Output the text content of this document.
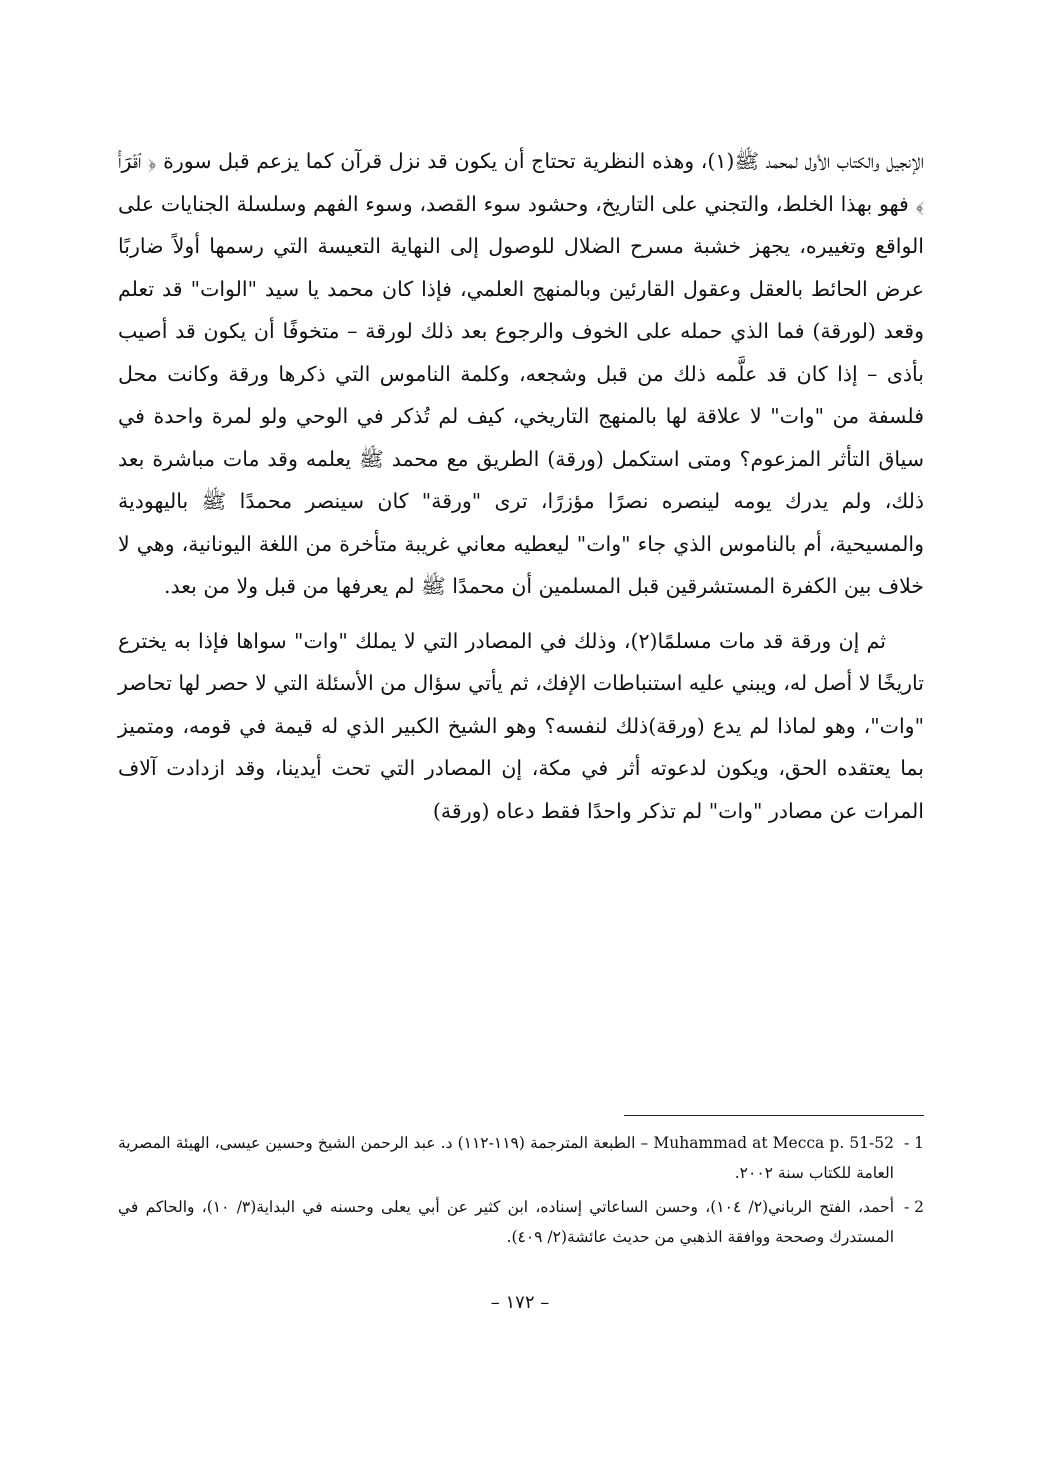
الإنجيل والكتاب الأول لمحمد ﷺ(١)، وهذه النظرية تحتاج أن يكون قد نزل قرآن كما يزعم قبل سورة ﴿ ٱقۡرَأۡ ﴾ فهو بهذا الخلط، والتجني على التاريخ، وحشود سوء القصد، وسوء الفهم وسلسلة الجنايات على الواقع وتغييره، يجهز خشبة مسرح الضلال للوصول إلى النهاية التعيسة التي رسمها أولاً ضاربًا عرض الحائط بالعقل وعقول القارئين وبالمنهج العلمي، فإذا كان محمد يا سيد "الوات" قد تعلم وقعد (لورقة) فما الذي حمله على الخوف والرجوع بعد ذلك لورقة – متخوفًا أن يكون قد أصيب بأذى – إذا كان قد علَّمه ذلك من قبل وشجعه، وكلمة الناموس التي ذكرها ورقة وكانت محل فلسفة من "وات" لا علاقة لها بالمنهج التاريخي، كيف لم تُذكر في الوحي ولو لمرة واحدة في سياق التأثر المزعوم؟ ومتى استكمل (ورقة) الطريق مع محمد ﷺ يعلمه وقد مات مباشرة بعد ذلك، ولم يدرك يومه لينصره نصرًا مؤزرًا، ترى "ورقة" كان سينصر محمدًا ﷺ باليهودية والمسيحية، أم بالناموس الذي جاء "وات" ليعطيه معاني غريبة متأخرة من اللغة اليونانية، وهي لا خلاف بين الكفرة المستشرقين قبل المسلمين أن محمدًا ﷺ لم يعرفها من قبل ولا من بعد.

ثم إن ورقة قد مات مسلمًا(٢)، وذلك في المصادر التي لا يملك "وات" سواها فإذا به يخترع تاريخًا لا أصل له، ويبني عليه استنباطات الإفك، ثم يأتي سؤال من الأسئلة التي لا حصر لها تحاصر "وات"، وهو لماذا لم يدع (ورقة)ذلك لنفسه؟ وهو الشيخ الكبير الذي له قيمة في قومه، ومتميز بما يعتقده الحق، ويكون لدعوته أثر في مكة، إن المصادر التي تحت أيدينا، وقد ازدادت آلاف المرات عن مصادر "وات" لم تذكر واحدًا فقط دعاه (ورقة)

1 -
Muhammad at Mecca p. 51-52 – الطبعة المترجمة (١١٩-١١٢) د. عبد الرحمن الشيخ وحسين عيسى، الهيئة المصرية العامة للكتاب سنة ٢٠٠٢.
2 -
أحمد، الفتح الرباني(٢/ ١٠٤)، وحسن الساعاتي إسناده، ابن كثير عن أبي يعلى وحسنه في البداية(٣/ ١٠)، والحاكم في المستدرك وصححة ووافقة الذهبي من حديث عائشة(٢/ ٤٠٩).
– ١٧٢ –
